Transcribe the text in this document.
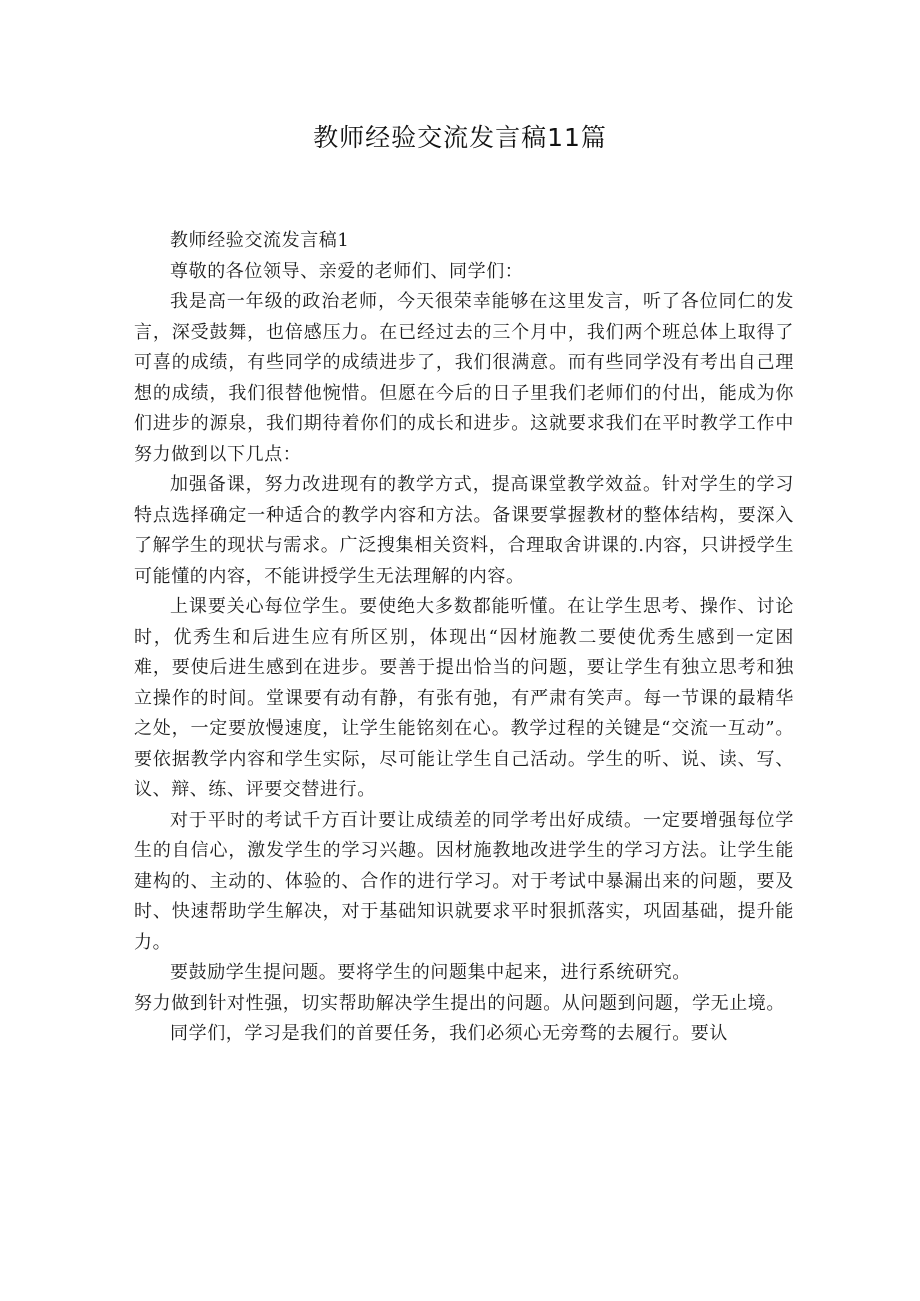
教师经验交流发言稿11篇

教师经验交流发言稿1

尊敬的各位领导、亲爱的老师们、同学们：

我是高一年级的政治老师，今天很荣幸能够在这里发言，听了各位同仁的发言，深受鼓舞，也倍感压力。在已经过去的三个月中，我们两个班总体上取得了可喜的成绩，有些同学的成绩进步了，我们很满意。而有些同学没有考出自己理想的成绩，我们很替他惋惜。但愿在今后的日子里我们老师们的付出，能成为你们进步的源泉，我们期待着你们的成长和进步。这就要求我们在平时教学工作中努力做到以下几点：

加强备课，努力改进现有的教学方式，提高课堂教学效益。针对学生的学习特点选择确定一种适合的教学内容和方法。备课要掌握教材的整体结构，要深入了解学生的现状与需求。广泛搜集相关资料，合理取舍讲课的.内容，只讲授学生可能懂的内容，不能讲授学生无法理解的内容。

上课要关心每位学生。要使绝大多数都能听懂。在让学生思考、操作、讨论时，优秀生和后进生应有所区别，体现出“因材施教二要使优秀生感到一定困难，要使后进生感到在进步。要善于提出恰当的问题，要让学生有独立思考和独立操作的时间。堂课要有动有静，有张有弛，有严肃有笑声。每一节课的最精华之处，一定要放慢速度，让学生能铭刻在心。教学过程的关键是“交流一互动”。要依据教学内容和学生实际，尽可能让学生自己活动。学生的听、说、读、写、议、辩、练、评要交替进行。

对于平时的考试千方百计要让成绩差的同学考出好成绩。一定要增强每位学生的自信心，激发学生的学习兴趣。因材施教地改进学生的学习方法。让学生能建构的、主动的、体验的、合作的进行学习。对于考试中暴漏出来的问题，要及时、快速帮助学生解决，对于基础知识就要求平时狠抓落实，巩固基础，提升能力。

要鼓励学生提问题。要将学生的问题集中起来，进行系统研究。

努力做到针对性强，切实帮助解决学生提出的问题。从问题到问题，学无止境。

同学们，学习是我们的首要任务，我们必须心无旁骛的去履行。要认
